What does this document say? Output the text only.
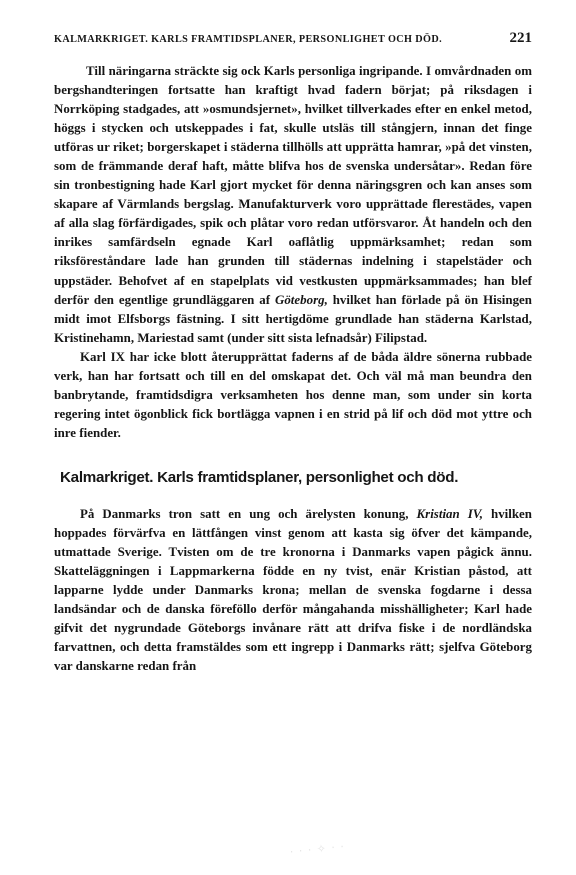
KALMARKRIGET. KARLS FRAMTIDSPLANER, PERSONLIGHET OCH DÖD.	221

Till näringarna sträckte sig ock Karls personliga ingripande. I omvårdnaden om bergshandteringen fortsatte han kraftigt hvad fadern börjat; på riksdagen i Norrköping stadgades, att »osmundsjernet», hvilket tillverkades efter en enkel metod, höggs i stycken och utskeppades i fat, skulle utsläs till stångjern, innan det finge utföras ur riket; borgerskapet i städerna tillhölls att upprätta hamrar, »på det vinsten, som de främmande deraf haft, måtte blifva hos de svenska undersåtar». Redan före sin tronbestigning hade Karl gjort mycket för denna näringsgren och kan anses som skapare af Värmlands bergslag. Manufakturverk voro upprättade flerestädes, vapen af alla slag förfärdigades, spik och plåtar voro redan utförsvaror. Åt handeln och den inrikes samfärdseln egnade Karl oaflåtlig uppmärksamhet; redan som riksföreståndare lade han grunden till städernas indelning i stapelstäder och uppstäder. Behofvet af en stapelplats vid vestkusten uppmärksammades; han blef derför den egentlige grundläggaren af Göteborg, hvilket han förlade på ön Hisingen midt imot Elfsborgs fästning. I sitt hertigdöme grundlade han städerna Karlstad, Kristinehamn, Mariestad samt (under sitt sista lefnadsår) Filipstad.

Karl IX har icke blott återupprättat faderns af de båda äldre sönerna rubbade verk, han har fortsatt och till en del omskapat det. Och väl må man beundra den banbrytande, framtidsdigra verksamheten hos denne man, som under sin korta regering intet ögonblick fick bortlägga vapnen i en strid på lif och död mot yttre och inre fiender.

Kalmarkriget. Karls framtidsplaner, personlighet och död.

På Danmarks tron satt en ung och ärelysten konung, Kristian IV, hvilken hoppades förvärfva en lättfången vinst genom att kasta sig öfver det kämpande, utmattade Sverige. Tvisten om de tre kronorna i Danmarks vapen pågick ännu. Skatteläggningen i Lappmarkerna födde en ny tvist, enär Kristian påstod, att lapparne lydde under Danmarks krona; mellan de svenska fogdarne i dessa landsändar och de danska föreföllo derför mångahanda misshälligheter; Karl hade gifvit det nygrundade Göteborgs invånare rätt att drifva fiske i de nordländska farvattnen, och detta framstäldes som ett ingrepp i Danmarks rätt; sjelfva Göteborg var danskarne redan från

· · · ✧ · ·
